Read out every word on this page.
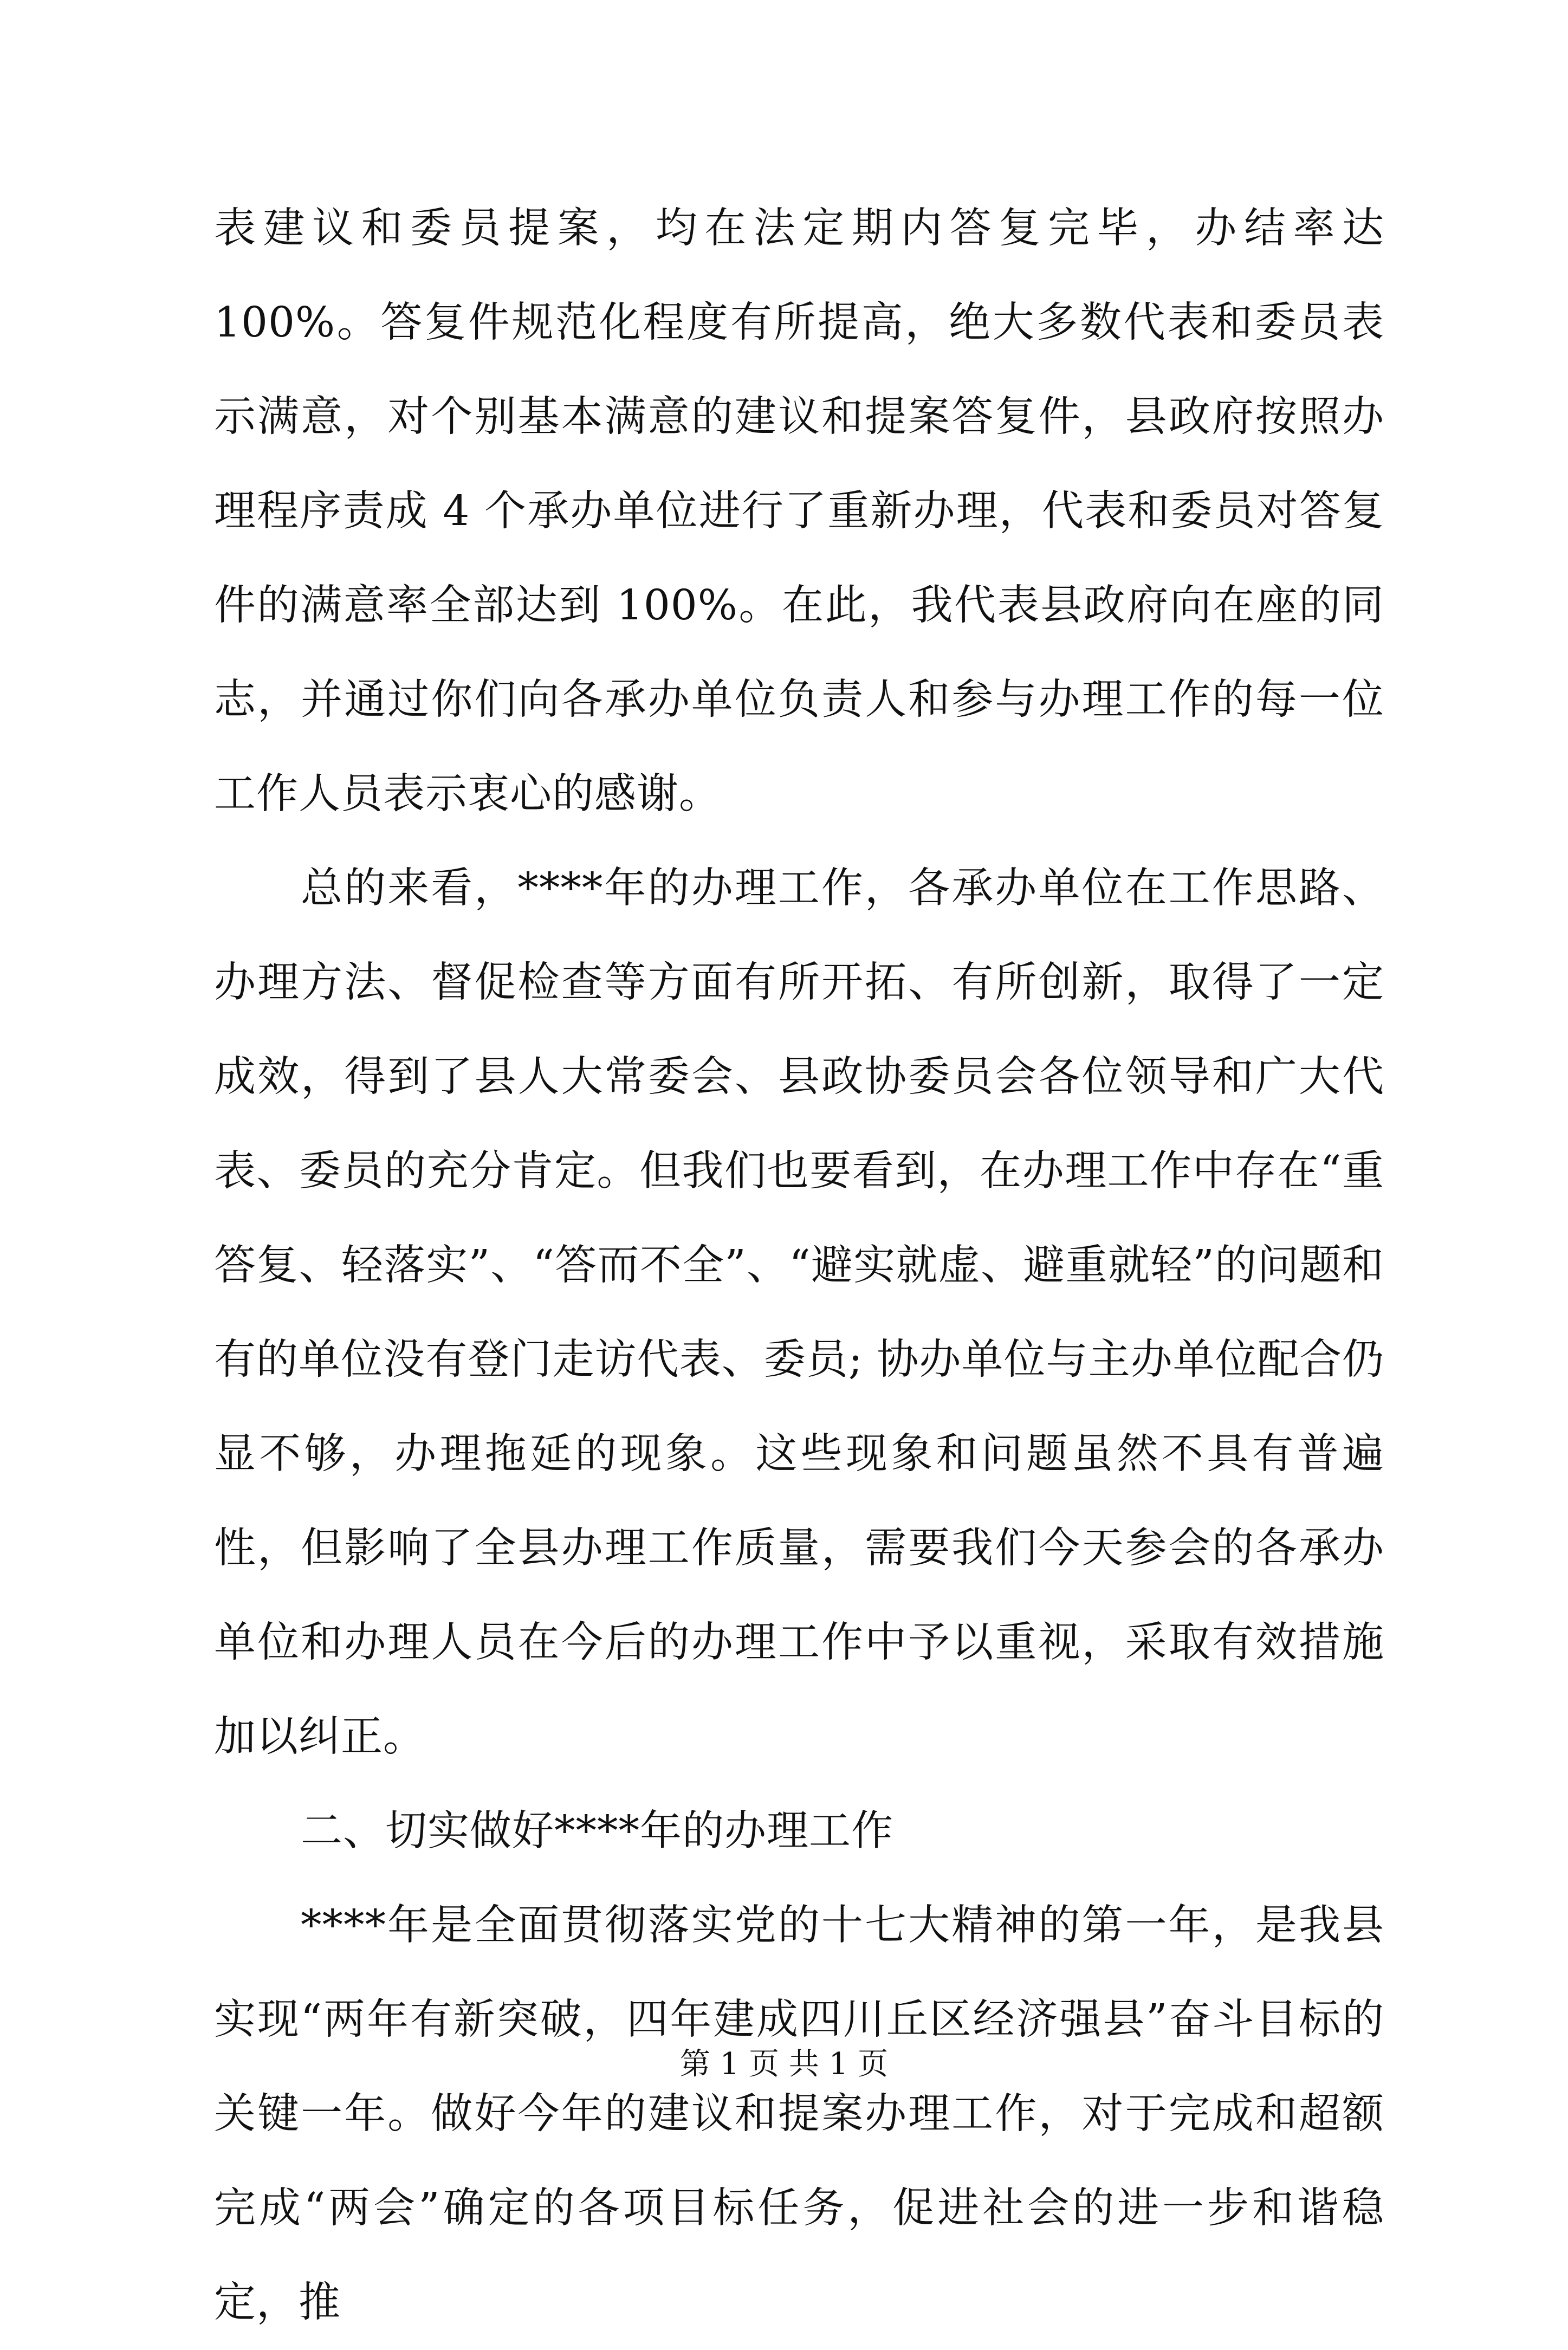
表建议和委员提案，均在法定期内答复完毕，办结率达 100%。答复件规范化程度有所提高，绝大多数代表和委员表示满意，对个别基本满意的建议和提案答复件，县政府按照办理程序责成 4 个承办单位进行了重新办理，代表和委员对答复件的满意率全部达到 100%。在此，我代表县政府向在座的同志，并通过你们向各承办单位负责人和参与办理工作的每一位工作人员表示衷心的感谢。

总的来看，****年的办理工作，各承办单位在工作思路、办理方法、督促检查等方面有所开拓、有所创新，取得了一定成效，得到了县人大常委会、县政协委员会各位领导和广大代表、委员的充分肯定。但我们也要看到，在办理工作中存在“重答复、轻落实”、“答而不全”、“避实就虚、避重就轻”的问题和有的单位没有登门走访代表、委员; 协办单位与主办单位配合仍显不够，办理拖延的现象。这些现象和问题虽然不具有普遍性，但影响了全县办理工作质量，需要我们今天参会的各承办单位和办理人员在今后的办理工作中予以重视，采取有效措施加以纠正。

二、切实做好****年的办理工作

****年是全面贯彻落实党的十七大精神的第一年，是我县实现“两年有新突破，四年建成四川丘区经济强县”奋斗目标的关键一年。做好今年的建议和提案办理工作，对于完成和超额完成“两会”确定的各项目标任务，促进社会的进一步和谐稳定，推

第 1 页 共 1 页
